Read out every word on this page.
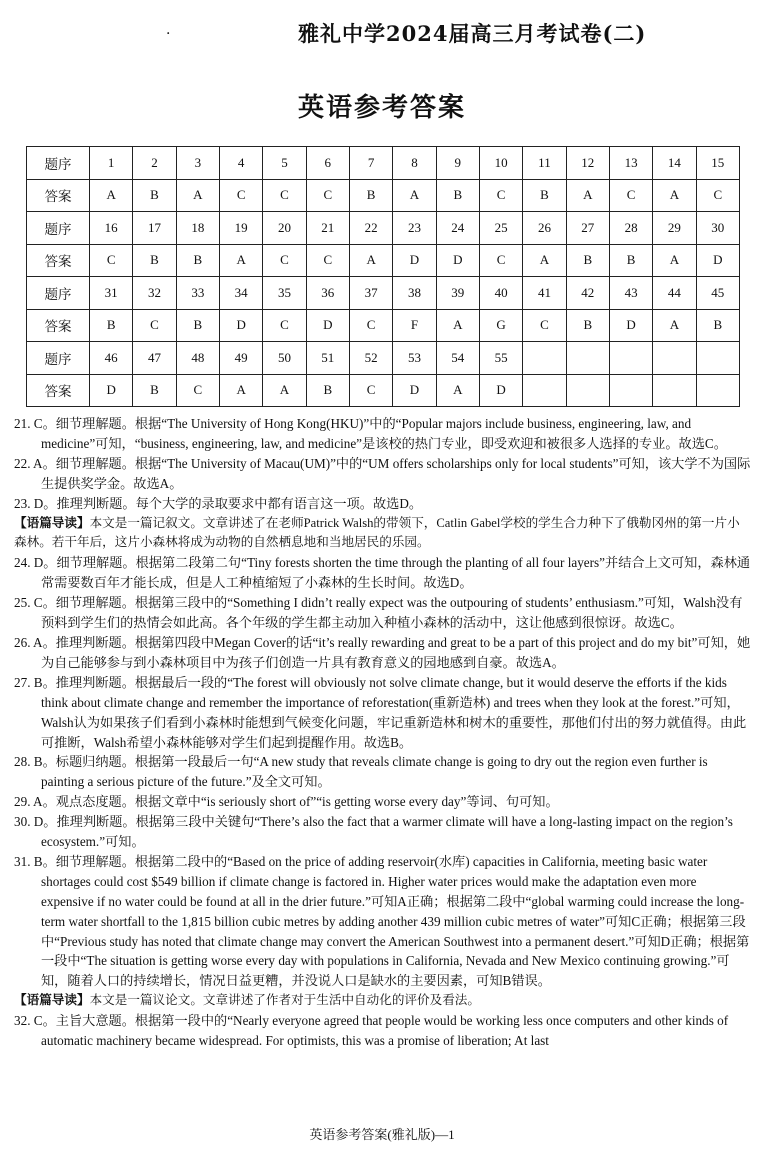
·	雅礼中学2024届高三月考试卷(二)
英语参考答案
题序	1	2	3	4	5	6	7	8	9	10	11	12	13	14	15
答案	A	B	A	C	C	C	B	A	B	C	B	A	C	A	C
题序	16	17	18	19	20	21	22	23	24	25	26	27	28	29	30
答案	C	B	B	A	C	C	A	D	D	C	A	B	B	A	D
题序	31	32	33	34	35	36	37	38	39	40	41	42	43	44	45
答案	B	C	B	D	C	D	C	F	A	G	C	B	D	A	B
题序	46	47	48	49	50	51	52	53	54	55					
答案	D	B	C	A	A	B	C	D	A	D					

21. C。细节理解题。根据“The University of Hong Kong(HKU)”中的“Popular majors include business, engineering, law, and medicine”可知，“business, engineering, law, and medicine”是该校的热门专业，即受欢迎和被很多人选择的专业。故选C。

22. A。细节理解题。根据“The University of Macau(UM)”中的“UM offers scholarships only for local students”可知，该大学不为国际生提供奖学金。故选A。

23. D。推理判断题。每个大学的录取要求中都有语言这一项。故选D。

【语篇导读】本文是一篇记叙文。文章讲述了在老师Patrick Walsh的带领下，Catlin Gabel学校的学生合力种下了俄勒冈州的第一片小森林。若干年后，这片小森林将成为动物的自然栖息地和当地居民的乐园。

24. D。细节理解题。根据第二段第二句“Tiny forests shorten the time through the planting of all four layers”并结合上文可知，森林通常需要数百年才能长成，但是人工种植缩短了小森林的生长时间。故选D。

25. C。细节理解题。根据第三段中的“Something I didn’t really expect was the outpouring of students’ enthusiasm.”可知，Walsh没有预料到学生们的热情会如此高。各个年级的学生都主动加入种植小森林的活动中，这让他感到很惊讶。故选C。

26. A。推理判断题。根据第四段中Megan Cover的话“it’s really rewarding and great to be a part of this project and do my bit”可知，她为自己能够参与到小森林项目中为孩子们创造一片具有教育意义的园地感到自豪。故选A。

27. B。推理判断题。根据最后一段的“The forest will obviously not solve climate change, but it would deserve the efforts if the kids think about climate change and remember the importance of reforestation(重新造林) and trees when they look at the forest.”可知，Walsh认为如果孩子们看到小森林时能想到气候变化问题，牢记重新造林和树木的重要性，那他们付出的努力就值得。由此可推断，Walsh希望小森林能够对学生们起到提醒作用。故选B。

28. B。标题归纳题。根据第一段最后一句“A new study that reveals climate change is going to dry out the region even further is painting a serious picture of the future.”及全文可知。

29. A。观点态度题。根据文章中“is seriously short of”“is getting worse every day”等词、句可知。

30. D。推理判断题。根据第三段中关键句“There’s also the fact that a warmer climate will have a long-lasting impact on the region’s ecosystem.”可知。

31. B。细节理解题。根据第二段中的“Based on the price of adding reservoir(水库) capacities in California, meeting basic water shortages could cost $549 billion if climate change is factored in. Higher water prices would make the adaptation even more expensive if no water could be found at all in the drier future.”可知A正确；根据第二段中“global warming could increase the long-term water shortfall to the 1,815 billion cubic metres by adding another 439 million cubic metres of water”可知C正确；根据第三段中“Previous study has noted that climate change may convert the American Southwest into a permanent desert.”可知D正确；根据第一段中“The situation is getting worse every day with populations in California, Nevada and New Mexico continuing growing.”可知，随着人口的持续增长，情况日益更糟，并没说人口是缺水的主要因素，可知B错误。

【语篇导读】本文是一篇议论文。文章讲述了作者对于生活中自动化的评价及看法。

32. C。主旨大意题。根据第一段中的“Nearly everyone agreed that people would be working less once computers and other kinds of automatic machinery became widespread. For optimists, this was a promise of liberation; At last

英语参考答案(雅礼版)—1
